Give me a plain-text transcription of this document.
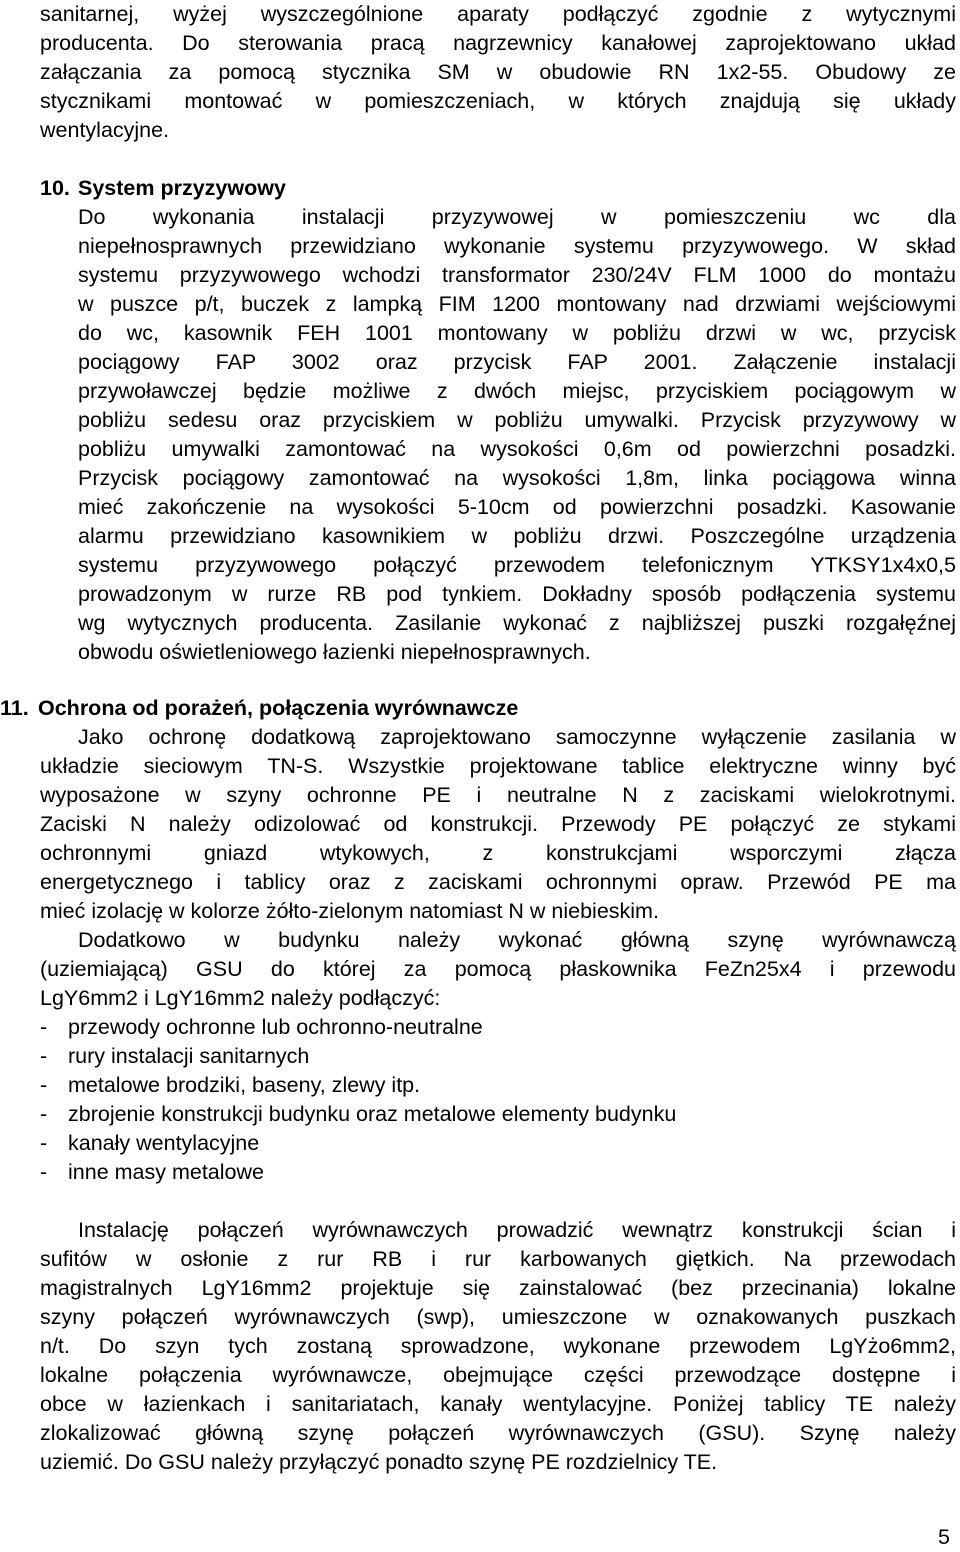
sanitarnej, wyżej wyszczególnione aparaty podłączyć zgodnie z wytycznymi
producenta. Do sterowania pracą nagrzewnicy kanałowej zaprojektowano układ
załączania za pomocą stycznika SM w obudowie RN 1x2-55. Obudowy ze
stycznikami montować w pomieszczeniach, w których znajdują się układy
wentylacyjne.
10. System przyzywowy
Do wykonania instalacji przyzywowej w pomieszczeniu wc dla
niepełnosprawnych przewidziano wykonanie systemu przyzywowego. W skład
systemu przyzywowego wchodzi transformator 230/24V FLM 1000 do montażu
w puszce p/t, buczek z lampką FIM 1200 montowany nad drzwiami wejściowymi
do wc, kasownik FEH 1001 montowany w pobliżu drzwi w wc, przycisk
pociągowy FAP 3002 oraz przycisk FAP 2001. Załączenie instalacji
przywoławczej będzie możliwe z dwóch miejsc, przyciskiem pociągowym w
pobliżu sedesu oraz przyciskiem w pobliżu umywalki. Przycisk przyzywowy w
pobliżu umywalki zamontować na wysokości 0,6m od powierzchni posadzki.
Przycisk pociągowy zamontować na wysokości 1,8m, linka pociągowa winna
mieć zakończenie na wysokości 5-10cm od powierzchni posadzki. Kasowanie
alarmu przewidziano kasownikiem w pobliżu drzwi. Poszczególne urządzenia
systemu przyzywowego połączyć przewodem telefonicznym YTKSY1x4x0,5
prowadzonym w rurze RB pod tynkiem. Dokładny sposób podłączenia systemu
wg wytycznych producenta. Zasilanie wykonać z najbliższej puszki rozgałęźnej
obwodu oświetleniowego łazienki niepełnosprawnych.
11. Ochrona od porażeń, połączenia wyrównawcze
Jako ochronę dodatkową zaprojektowano samoczynne wyłączenie zasilania w
układzie sieciowym TN-S. Wszystkie projektowane tablice elektryczne winny być
wyposażone w szyny ochronne PE i neutralne N z zaciskami wielokrotnymi.
Zaciski N należy odizolować od konstrukcji. Przewody PE połączyć ze stykami
ochronnymi gniazd wtykowych, z konstrukcjami wsporczymi złącza
energetycznego i tablicy oraz z zaciskami ochronnymi opraw. Przewód PE ma
mieć izolację w kolorze żółto-zielonym natomiast N w niebieskim.
Dodatkowo w budynku należy wykonać główną szynę wyrównawczą
(uziemiającą) GSU do której za pomocą płaskownika FeZn25x4 i przewodu
LgY6mm2 i LgY16mm2 należy podłączyć:
- przewody ochronne lub ochronno-neutralne
- rury instalacji sanitarnych
- metalowe brodziki, baseny, zlewy itp.
- zbrojenie konstrukcji budynku oraz metalowe elementy budynku
- kanały wentylacyjne
- inne masy metalowe
Instalację połączeń wyrównawczych prowadzić wewnątrz konstrukcji ścian i
sufitów w osłonie z rur RB i rur karbowanych giętkich. Na przewodach
magistralnych LgY16mm2 projektuje się zainstalować (bez przecinania) lokalne
szyny połączeń wyrównawczych (swp), umieszczone w oznakowanych puszkach
n/t. Do szyn tych zostaną sprowadzone, wykonane przewodem LgYżo6mm2,
lokalne połączenia wyrównawcze, obejmujące części przewodzące dostępne i
obce w łazienkach i sanitariatach, kanały wentylacyjne. Poniżej tablicy TE należy
zlokalizować główną szynę połączeń wyrównawczych (GSU). Szynę należy
uziemić. Do GSU należy przyłączyć ponadto szynę PE rozdzielnicy TE.
5
